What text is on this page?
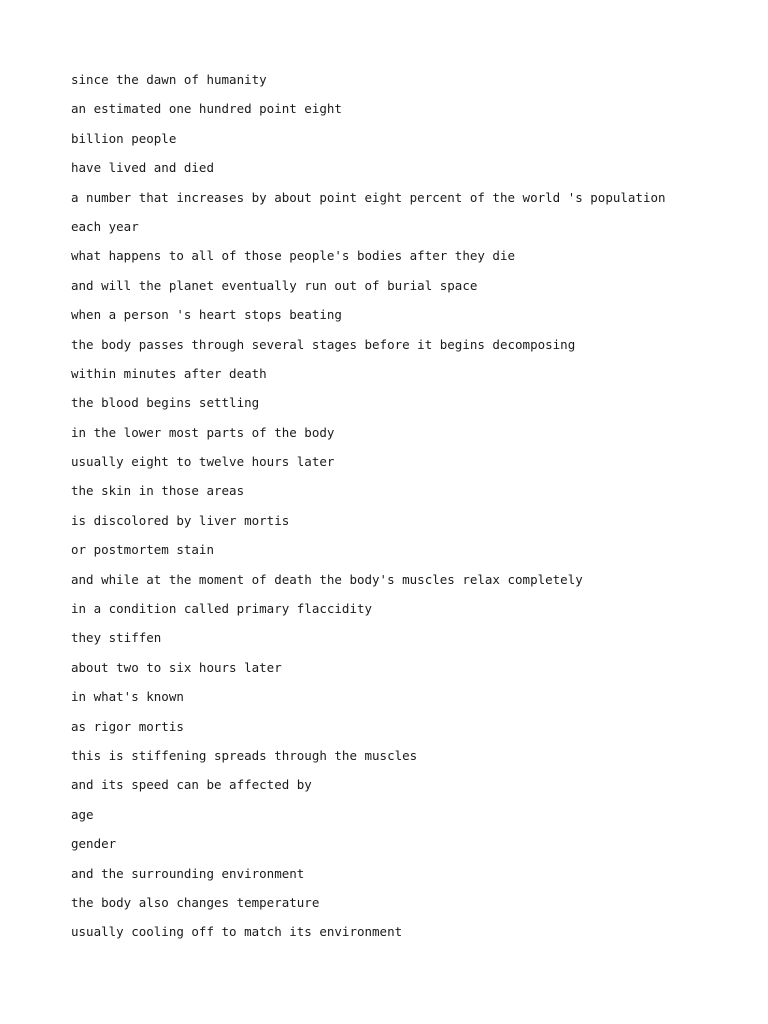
since the dawn of humanity
an estimated one hundred point eight
billion people
have lived and died
a number that increases by about point eight percent of the world 's population
each year
what happens to all of those people's bodies after they die
and will the planet eventually run out of burial space
when a person 's heart stops beating
the body passes through several stages before it begins decomposing
within minutes after death
the blood begins settling
in the lower most parts of the body
usually eight to twelve hours later
the skin in those areas
is discolored by liver mortis
or postmortem stain
and while at the moment of death the body's muscles relax completely
in a condition called primary flaccidity
they stiffen
about two to six hours later
in what's known
as rigor mortis
this is stiffening spreads through the muscles
and its speed can be affected by
age
gender
and the surrounding environment
the body also changes temperature
usually cooling off to match its environment
